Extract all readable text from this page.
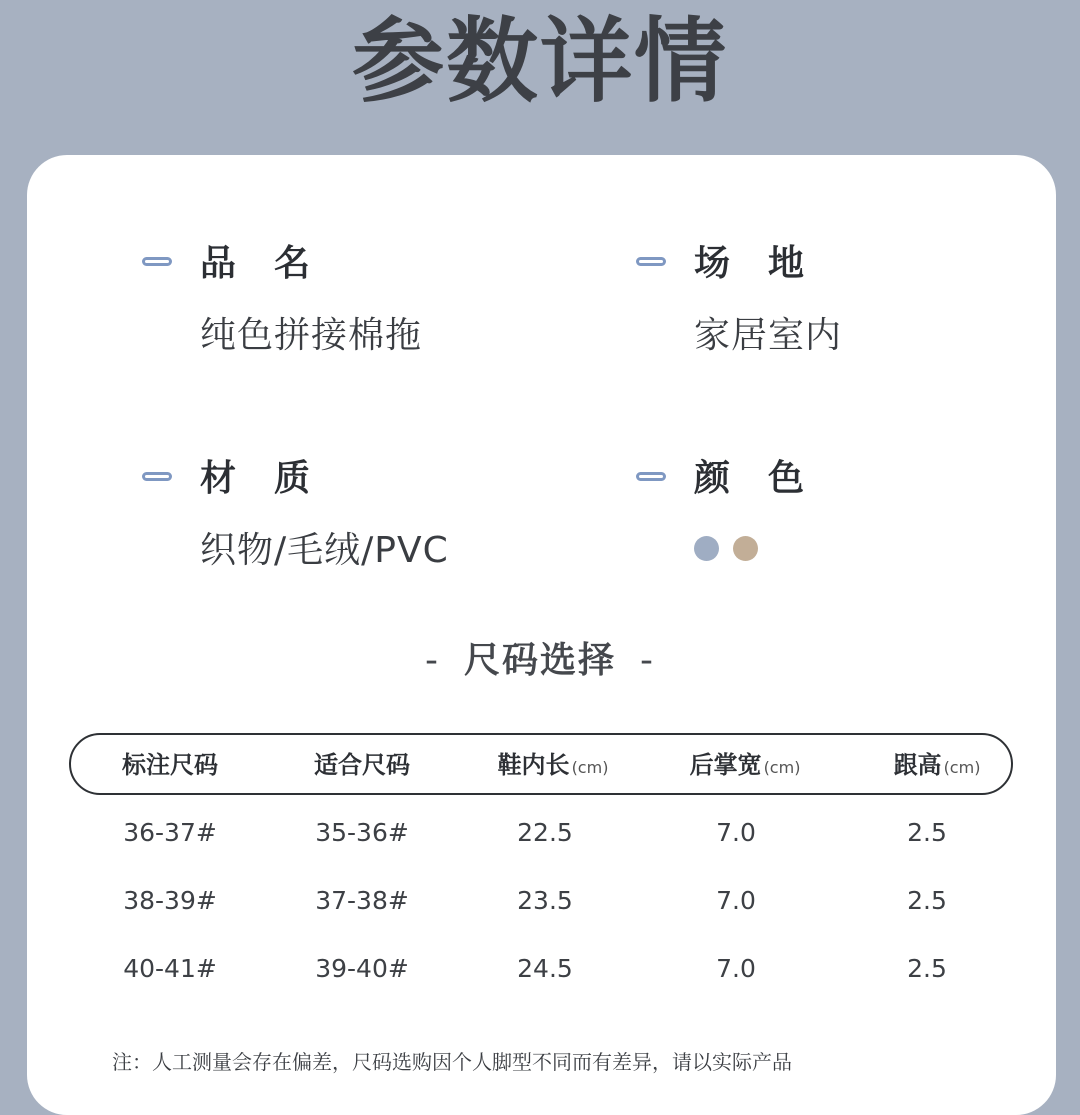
参数详情
品　名
纯色拼接棉拖
场　地
家居室内
材　质
织物/毛绒/PVC
颜　色
- 尺码选择 -
标注尺码	适合尺码	鞋内长 (cm)	后掌宽 (cm)	跟高 (cm)
36-37#	35-36#	22.5	7.0	2.5
38-39#	37-38#	23.5	7.0	2.5
40-41#	39-40#	24.5	7.0	2.5
注：人工测量会存在偏差，尺码选购因个人脚型不同而有差异，请以实际产品
